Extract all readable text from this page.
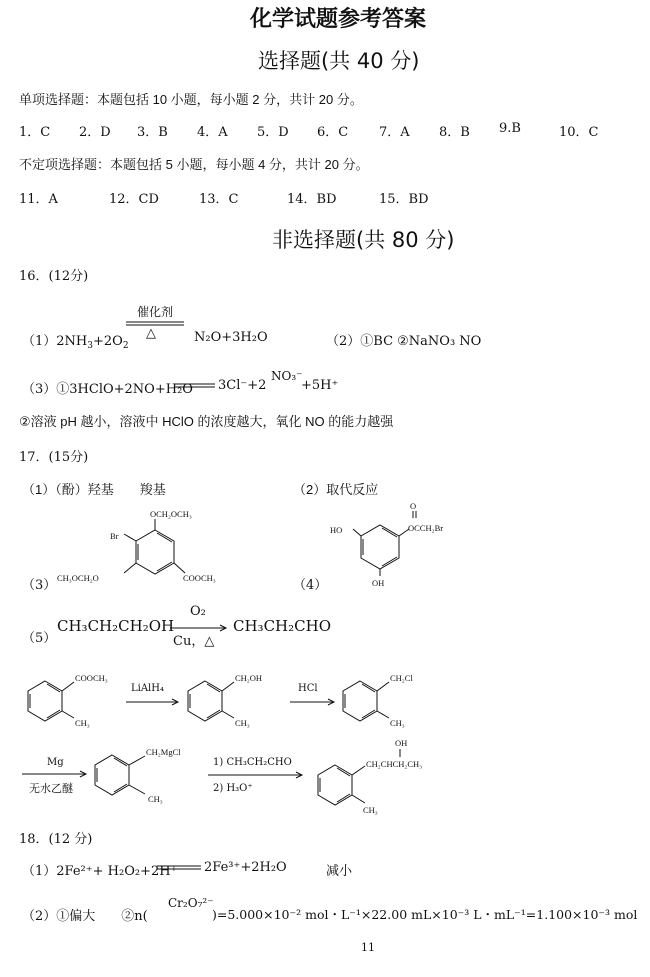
化学试题参考答案
选择题(共 40 分)
单项选择题：本题包括 10 小题，每小题 2 分，共计 20 分。
1．C 2．D 3．B 4．A 5．D 6．C 7．A 8．B 9.B	10．C
不定项选择题：本题包括 5 小题，每小题 4 分，共计 20 分。
11．A	12．CD	13．C	14．BD	15．BD
非选择题(共 80 分)
16．(12分)
$(1)2NH_3+2O_2$
催化剂
△	N₂O+3H₂O	（2）①BC ②NaNO₃ NO
（3）①3HClO+2NO+H₂O 3Cl⁻+2
NO₃⁻
+5H⁺
②溶液 pH 越小，溶液中 HClO 的浓度越大，氧化 NO 的能力越强
17．(15分)
（1）（酚）羟基　　羧基	（2）取代反应
（3）
OCH₂OCH₃
Br
CH₃OCH₂O	COOCH₃	（4）
HO
O
OCCH₂Br
OH
（5）
CH₃CH₂CH₂OH
O₂
Cu，△
CH₃CH₂CHO
COOCH₃
CH₃
LiAlH₄
CH₂OH
CH₃
HCl
CH₂Cl
CH₃
Mg
无水乙醚
CH₂MgCl
CH₃
1) CH₃CH₂CHO
2) H₃O⁺
OH
CH₂CHCH₂CH₃
CH₃
18．(12 分)
（1）2Fe²⁺+ H₂O₂+2H⁺ 2Fe³⁺+2H₂O	减小
（2）①偏大　　②n(
Cr₂O₇²⁻
)=5.000×10⁻² mol・L⁻¹×22.00 mL×10⁻³ L・mL⁻¹=1.100×10⁻³ mol
11
